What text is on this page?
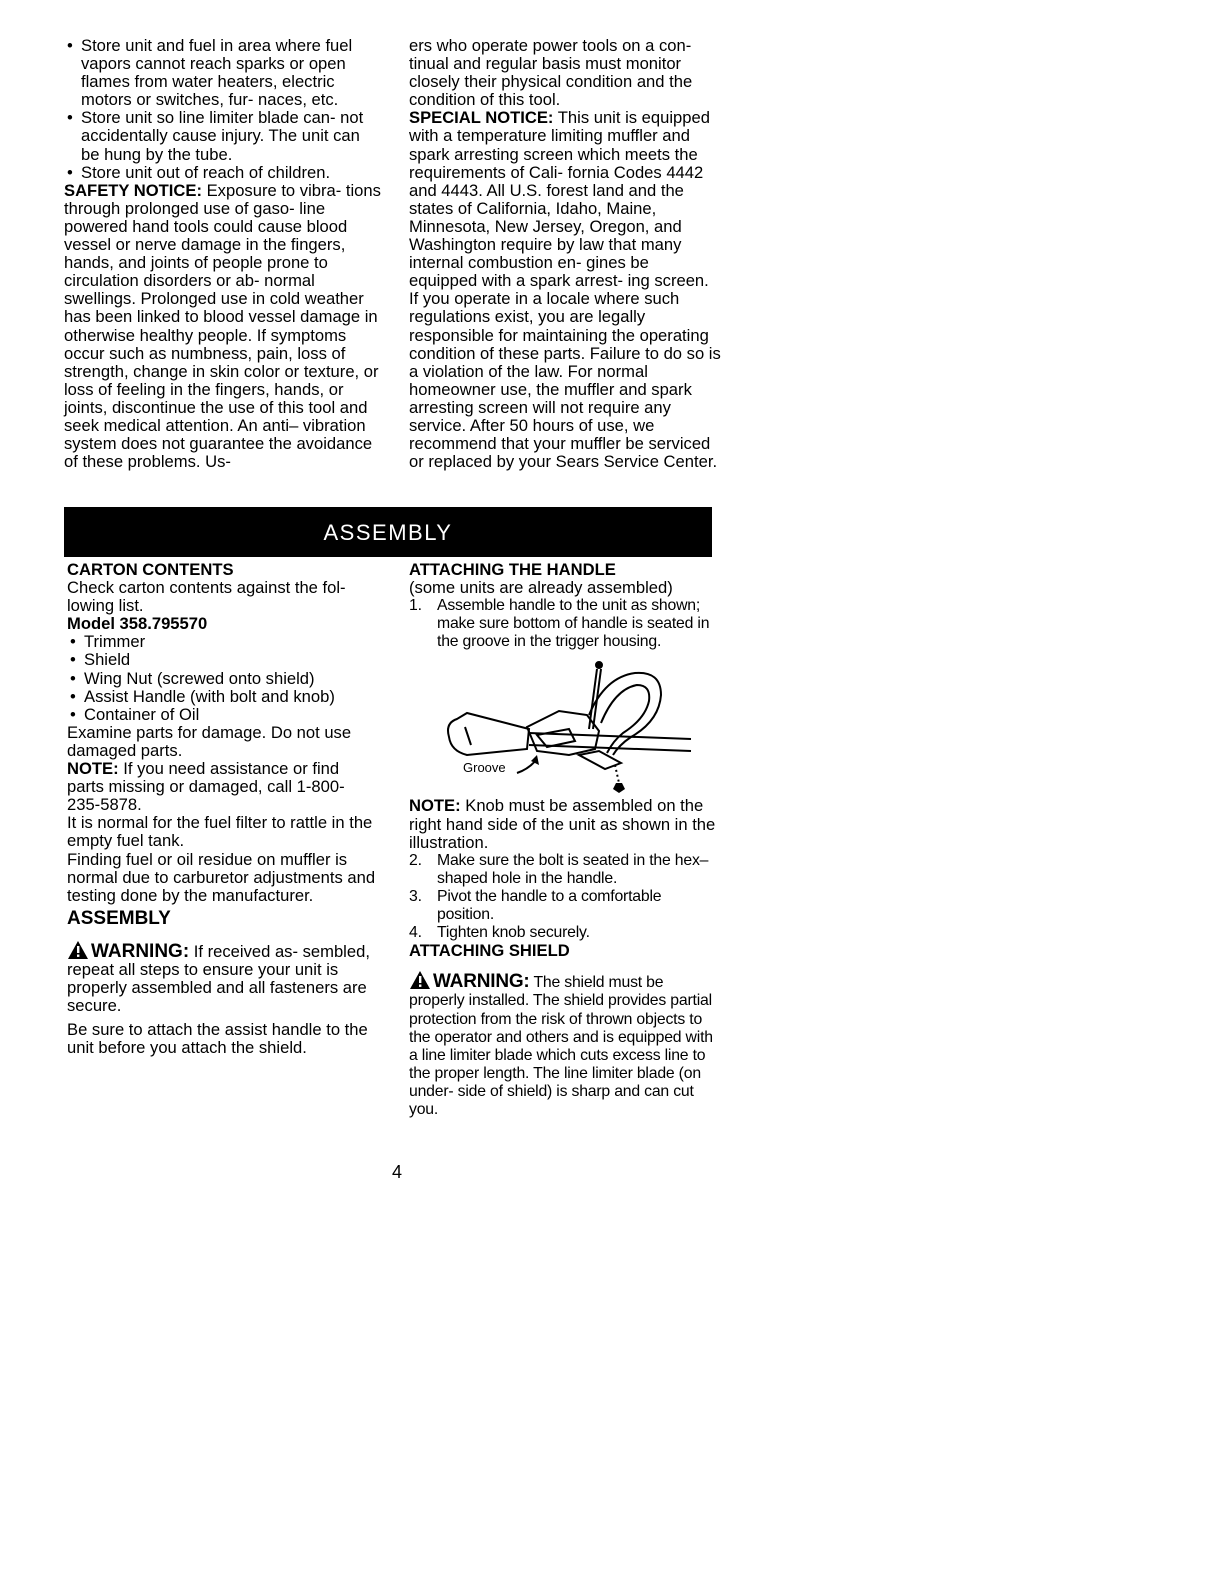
• Store unit and fuel in area where fuel vapors cannot reach sparks or open flames from water heaters, electric motors or switches, fur- naces, etc.
• Store unit so line limiter blade can- not accidentally cause injury. The unit can be hung by the tube.
• Store unit out of reach of children.

SAFETY NOTICE: Exposure to vibra- tions through prolonged use of gaso- line powered hand tools could cause blood vessel or nerve damage in the fingers, hands, and joints of people prone to circulation disorders or ab- normal swellings. Prolonged use in cold weather has been linked to blood vessel damage in otherwise healthy people. If symptoms occur such as numbness, pain, loss of strength, change in skin color or texture, or loss of feeling in the fingers, hands, or joints, discontinue the use of this tool and seek medical attention. An anti– vibration system does not guarantee the avoidance of these problems. Us-

ers who operate power tools on a con- tinual and regular basis must monitor closely their physical condition and the condition of this tool.

SPECIAL NOTICE: This unit is equipped with a temperature limiting muffler and spark arresting screen which meets the requirements of Cali- fornia Codes 4442 and 4443. All U.S. forest land and the states of California, Idaho, Maine, Minnesota, New Jersey, Oregon, and Washington require by law that many internal combustion en- gines be equipped with a spark arrest- ing screen. If you operate in a locale where such regulations exist, you are legally responsible for maintaining the operating condition of these parts. Failure to do so is a violation of the law. For normal homeowner use, the muffler and spark arresting screen will not require any service. After 50 hours of use, we recommend that your muffler be serviced or replaced by your Sears Service Center.

ASSEMBLY

CARTON CONTENTS

Check carton contents against the fol- lowing list.

Model 358.795570

• Trimmer
• Shield
• Wing Nut (screwed onto shield)
• Assist Handle (with bolt and knob)
• Container of Oil

Examine parts for damage. Do not use damaged parts.

NOTE: If you need assistance or find parts missing or damaged, call 1-800-235-5878.

It is normal for the fuel filter to rattle in the empty fuel tank.

Finding fuel or oil residue on muffler is normal due to carburetor adjustments and testing done by the manufacturer.

ASSEMBLY

WARNING: If received as- sembled, repeat all steps to ensure your unit is properly assembled and all fasteners are secure.

Be sure to attach the assist handle to the unit before you attach the shield.

ATTACHING THE HANDLE

(some units are already assembled)

1. Assemble handle to the unit as shown; make sure bottom of handle is seated in the groove in the trigger housing.
Groove

NOTE: Knob must be assembled on the right hand side of the unit as shown in the illustration.

2. Make sure the bolt is seated in the hex–shaped hole in the handle.
3. Pivot the handle to a comfortable position.
4. Tighten knob securely.

ATTACHING SHIELD

WARNING: The shield must be properly installed. The shield provides partial protection from the risk of thrown objects to the operator and others and is equipped with a line limiter blade which cuts excess line to the proper length. The line limiter blade (on under- side of shield) is sharp and can cut you.

4
